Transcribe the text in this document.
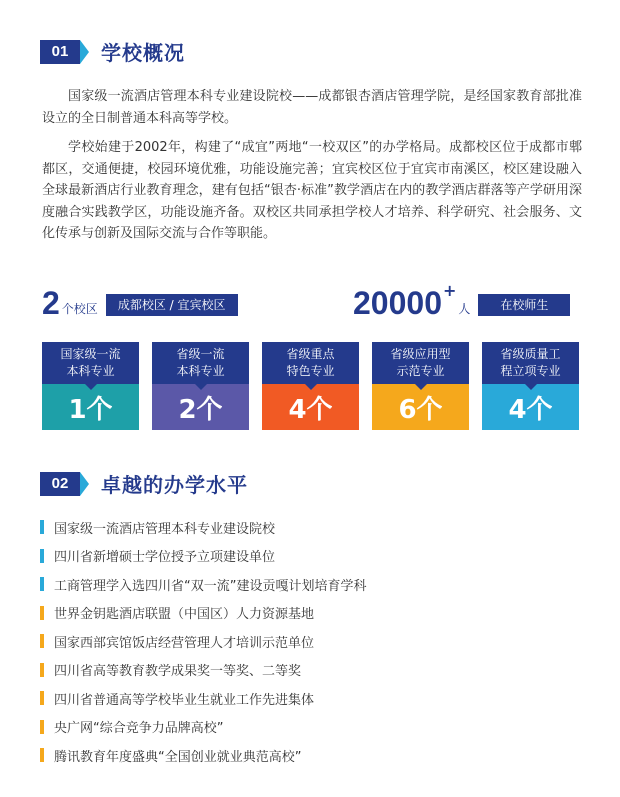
01	学校概况

国家级一流酒店管理本科专业建设院校——成都银杏酒店管理学院，是经国家教育部批准设立的全日制普通本科高等学校。

学校始建于2002年，构建了“成宜”两地“一校双区”的办学格局。成都校区位于成都市郫都区，交通便捷，校园环境优雅，功能设施完善；宜宾校区位于宜宾市南溪区，校区建设融入全球最新酒店行业教育理念，建有包括“银杏·标准”教学酒店在内的教学酒店群落等产学研用深度融合实践教学区，功能设施齐备。双校区共同承担学校人才培养、科学研究、社会服务、文化传承与创新及国际交流与合作等职能。

2 个校区	成都校区 / 宜宾校区	20000 +
人	在校师生
国家级一流
本科专业
1个
省级一流
本科专业
2个
省级重点
特色专业
4个
省级应用型
示范专业
6个
省级质量工
程立项专业
4个
02	卓越的办学水平
国家级一流酒店管理本科专业建设院校
四川省新增硕士学位授予立项建设单位
工商管理学入选四川省“双一流”建设贡嘎计划培育学科
世界金钥匙酒店联盟（中国区）人力资源基地
国家西部宾馆饭店经营管理人才培训示范单位
四川省高等教育教学成果奖一等奖、二等奖
四川省普通高等学校毕业生就业工作先进集体
央广网“综合竞争力品牌高校”
腾讯教育年度盛典“全国创业就业典范高校”
